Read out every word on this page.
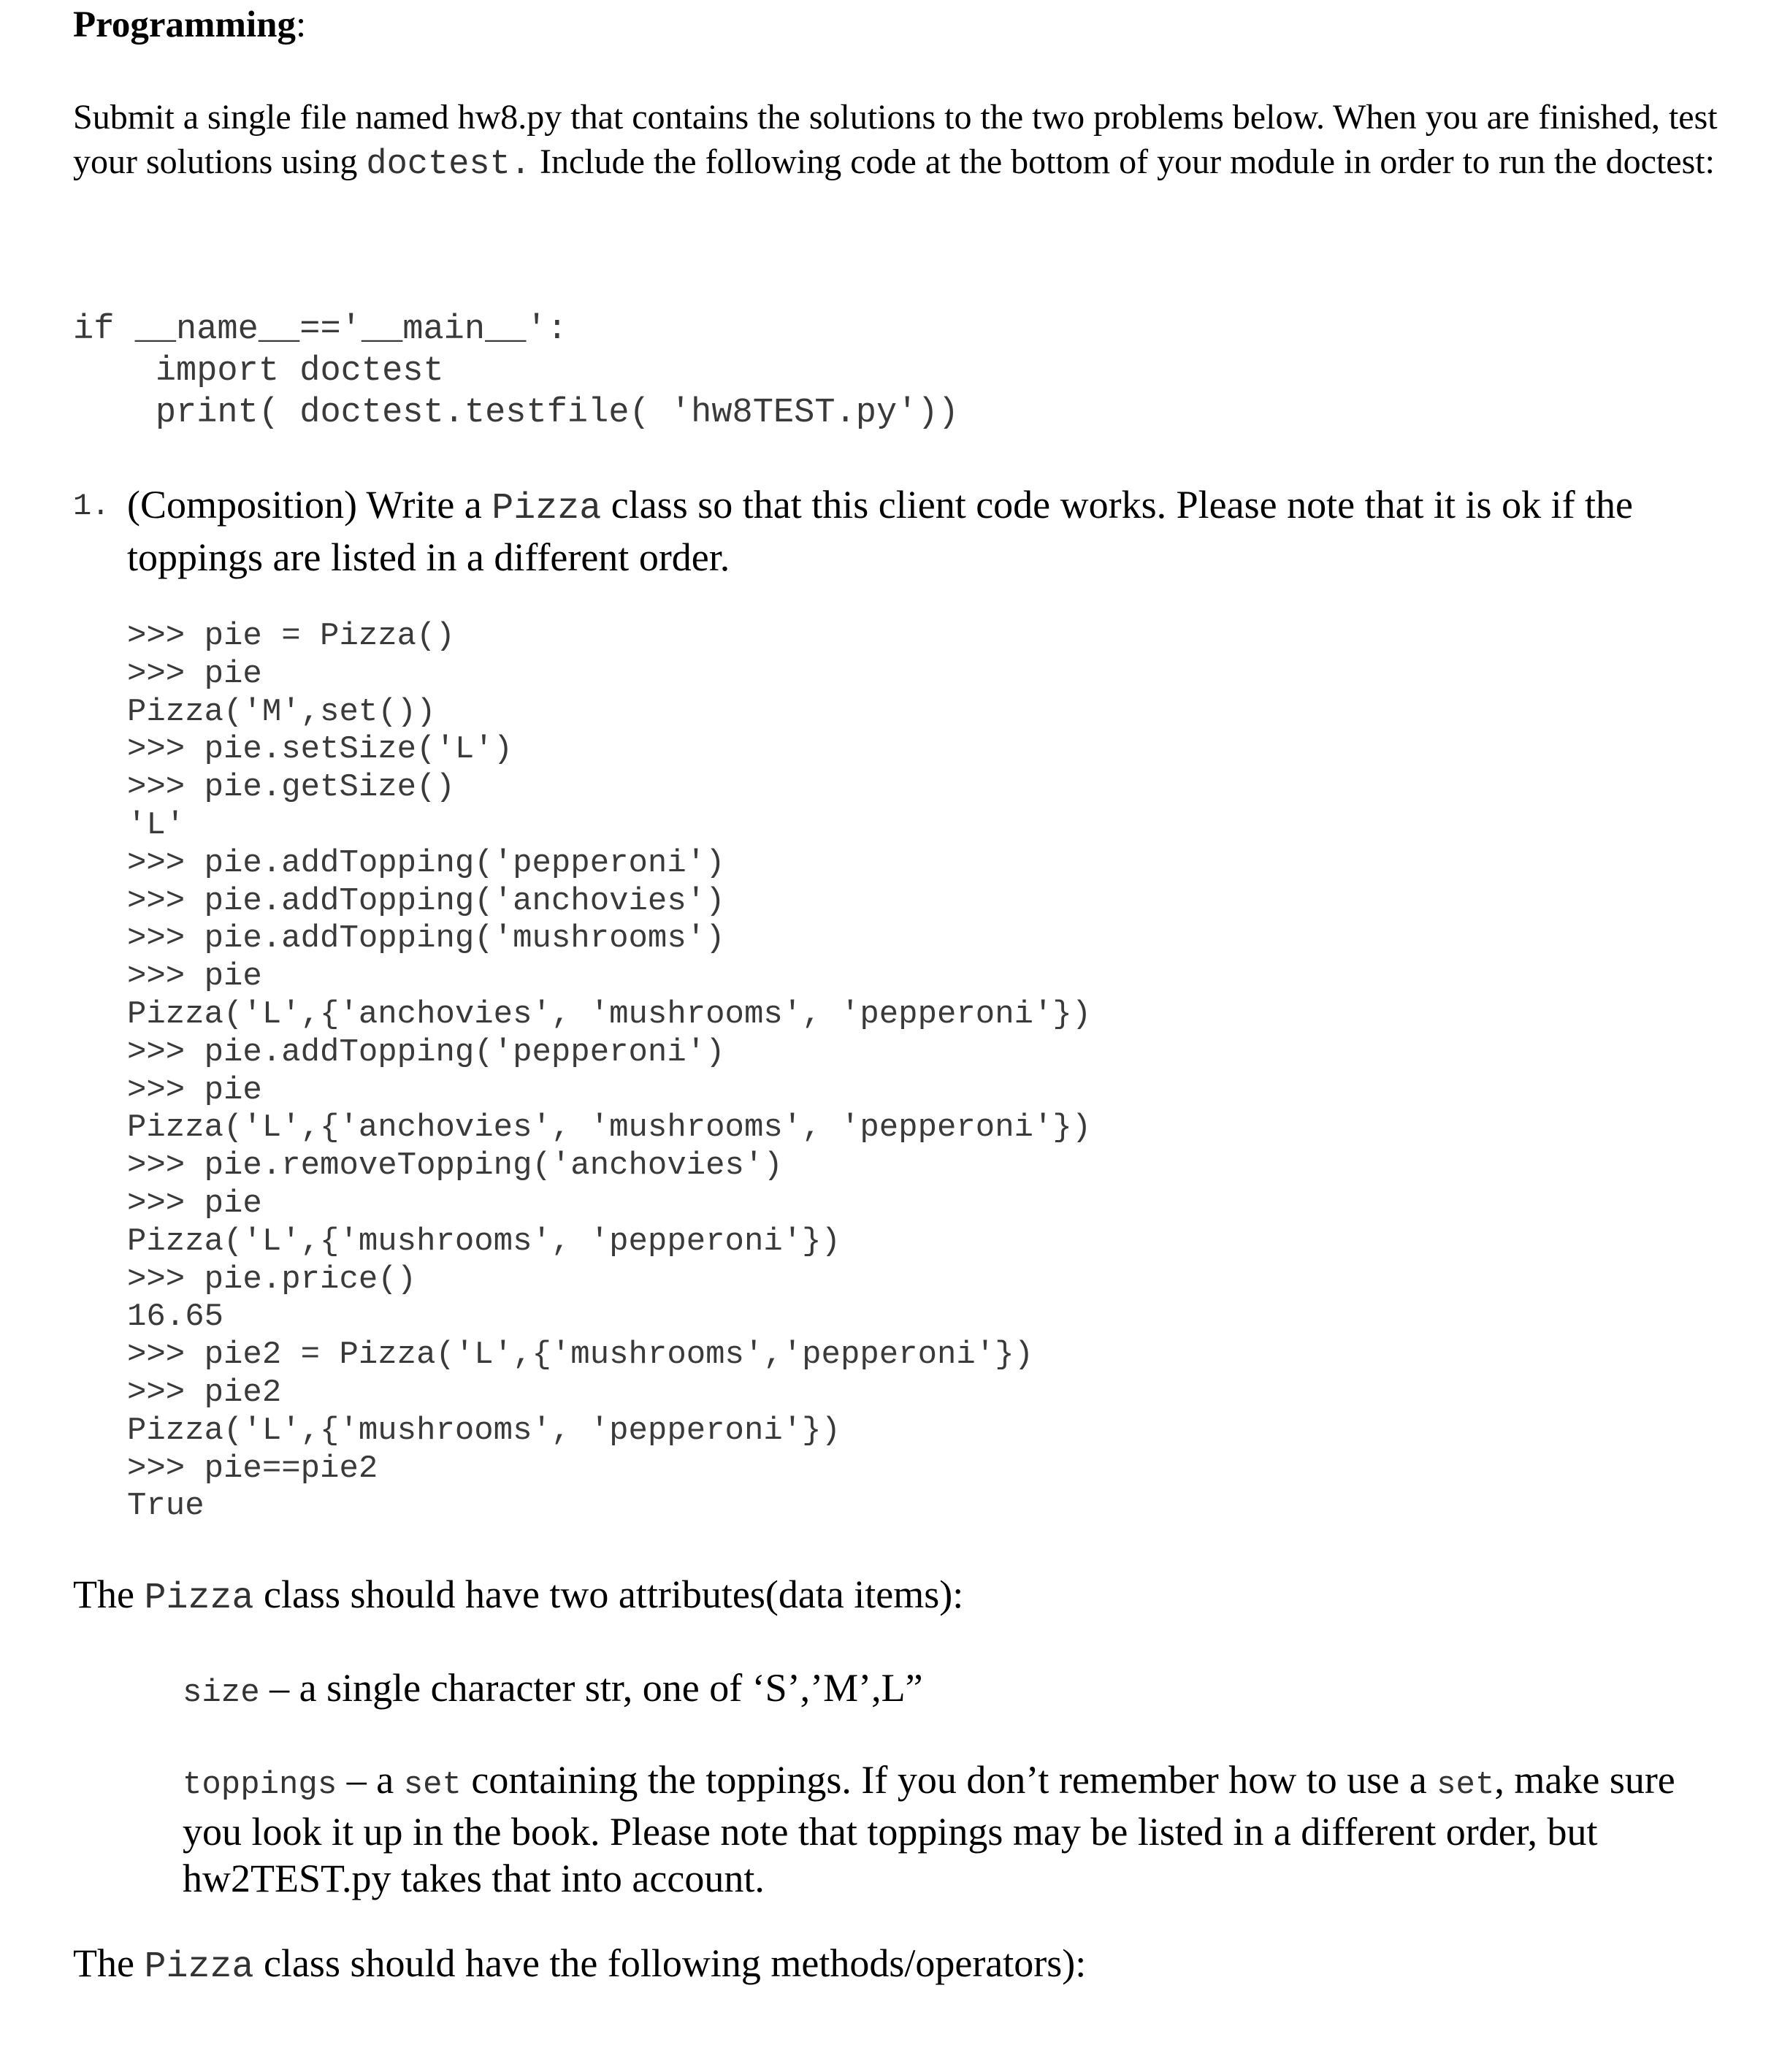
Programming:

Submit a single file named hw8.py that contains the solutions to the two problems below. When you are finished, test your solutions using doctest. Include the following code at the bottom of your module in order to run the doctest:

if __name__=='__main__':
import doctest
print( doctest.testfile( 'hw8TEST.py'))
1. (Composition) Write a Pizza class so that this client code works. Please note that it is ok if the toppings are listed in a different order.
>>> pie = Pizza()
>>> pie
Pizza('M',set())
>>> pie.setSize('L')
>>> pie.getSize()
'L'
>>> pie.addTopping('pepperoni')
>>> pie.addTopping('anchovies')
>>> pie.addTopping('mushrooms')
>>> pie
Pizza('L',{'anchovies', 'mushrooms', 'pepperoni'})
>>> pie.addTopping('pepperoni')
>>> pie
Pizza('L',{'anchovies', 'mushrooms', 'pepperoni'})
>>> pie.removeTopping('anchovies')
>>> pie
Pizza('L',{'mushrooms', 'pepperoni'})
>>> pie.price()
16.65
>>> pie2 = Pizza('L',{'mushrooms','pepperoni'})
>>> pie2
Pizza('L',{'mushrooms', 'pepperoni'})
>>> pie==pie2
True
The Pizza class should have two attributes(data items):
size – a single character str, one of ‘S’,’M’,L”
toppings – a set containing the toppings. If you don’t remember how to use a set, make sure you look it up in the book. Please note that toppings may be listed in a different order, but hw2TEST.py takes that into account.
The Pizza class should have the following methods/operators):
